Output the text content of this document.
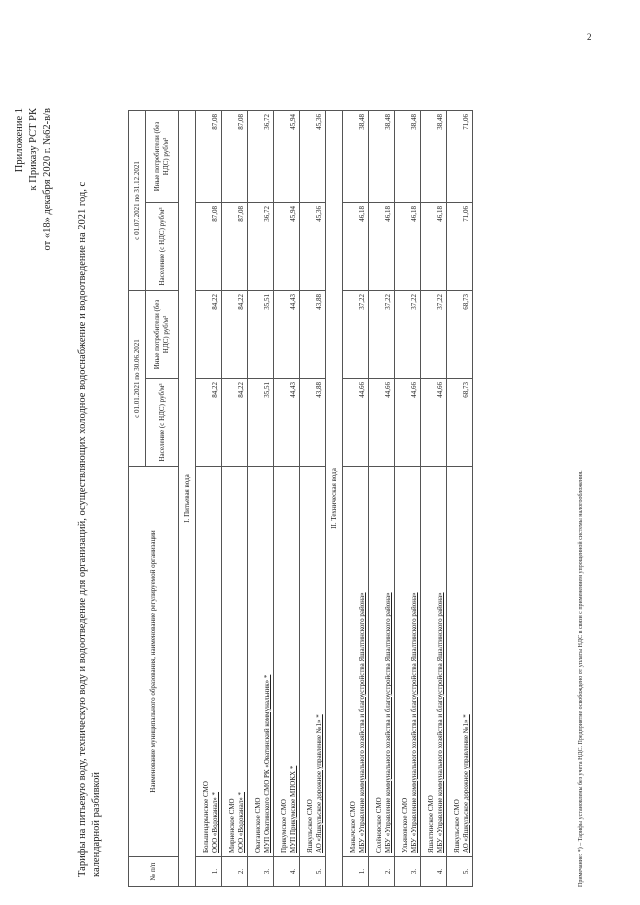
2
Приложение 1 к Приказу РСТ РК от «18» декабря 2020 г. №62-в/в
Тарифы на питьевую воду, техническую воду и водоотведение для организаций, осуществляющих холодное водоснабжение и водоотведение на 2021 год, с календарной разбивкой	№ п/п	Наименование муниципального образования, наименование регулируемой организации	с 01.01.2021 по 30.06.2021		с 01.07.2021 по 31.12.2021	
		Население (с НДС) руб/м³	Иные потребители (без НДС) руб/м³	Население (с НДС) руб/м³	Иные потребители (без НДС) руб/м³
I. Питьевая вода					
1.	Большецарынское СМО ООО «Водоканал» *	84,22	84,22	87,08	87,08
2.	Мирненское СМО ООО «Водоканал» *	84,22	84,22	87,08	87,08
3.	Оватаинское СМО МУП Оватинского СМО РК «Оватинский коммунальник» *	35,51	35,51	36,72	36,72
4.	Прикумское СМО МУП Прикумское МПОКХ *	44,43	44,43	45,94	45,94
5.	Яшкульское СМО АО «Яшкульское дорожное управление №1» *	43,88	43,88	45,36	45,36
II. Техническая вода					
1.	Манычское СМО МБУ «Управление коммунального хозяйства и благоустройства Яшалтинского района»	44,66	37,22	46,18	38,48
2.	Солёновское СМО МБУ «Управление коммунального хозяйства и благоустройства Яшалтинского района»	44,66	37,22	46,18	38,48
3.	Ульяновское СМО МБУ «Управление коммунального хозяйства и благоустройства Яшалтинского района»	44,66	37,22	46,18	38,48
4.	Яшалтинское СМО МБУ «Управление коммунального хозяйства и благоустройства Яшалтинского района»	44,66	37,22	46,18	38,48
5.	Яшкульское СМО АО «Яшкульское дорожное управление №1» *	68,73	68,73	71,06	71,06
Примечание: *) – Тарифы установлены без учета НДС. Предприятие освобождено от уплаты НДС в связи с применением упрощенной системы налогообложения.
